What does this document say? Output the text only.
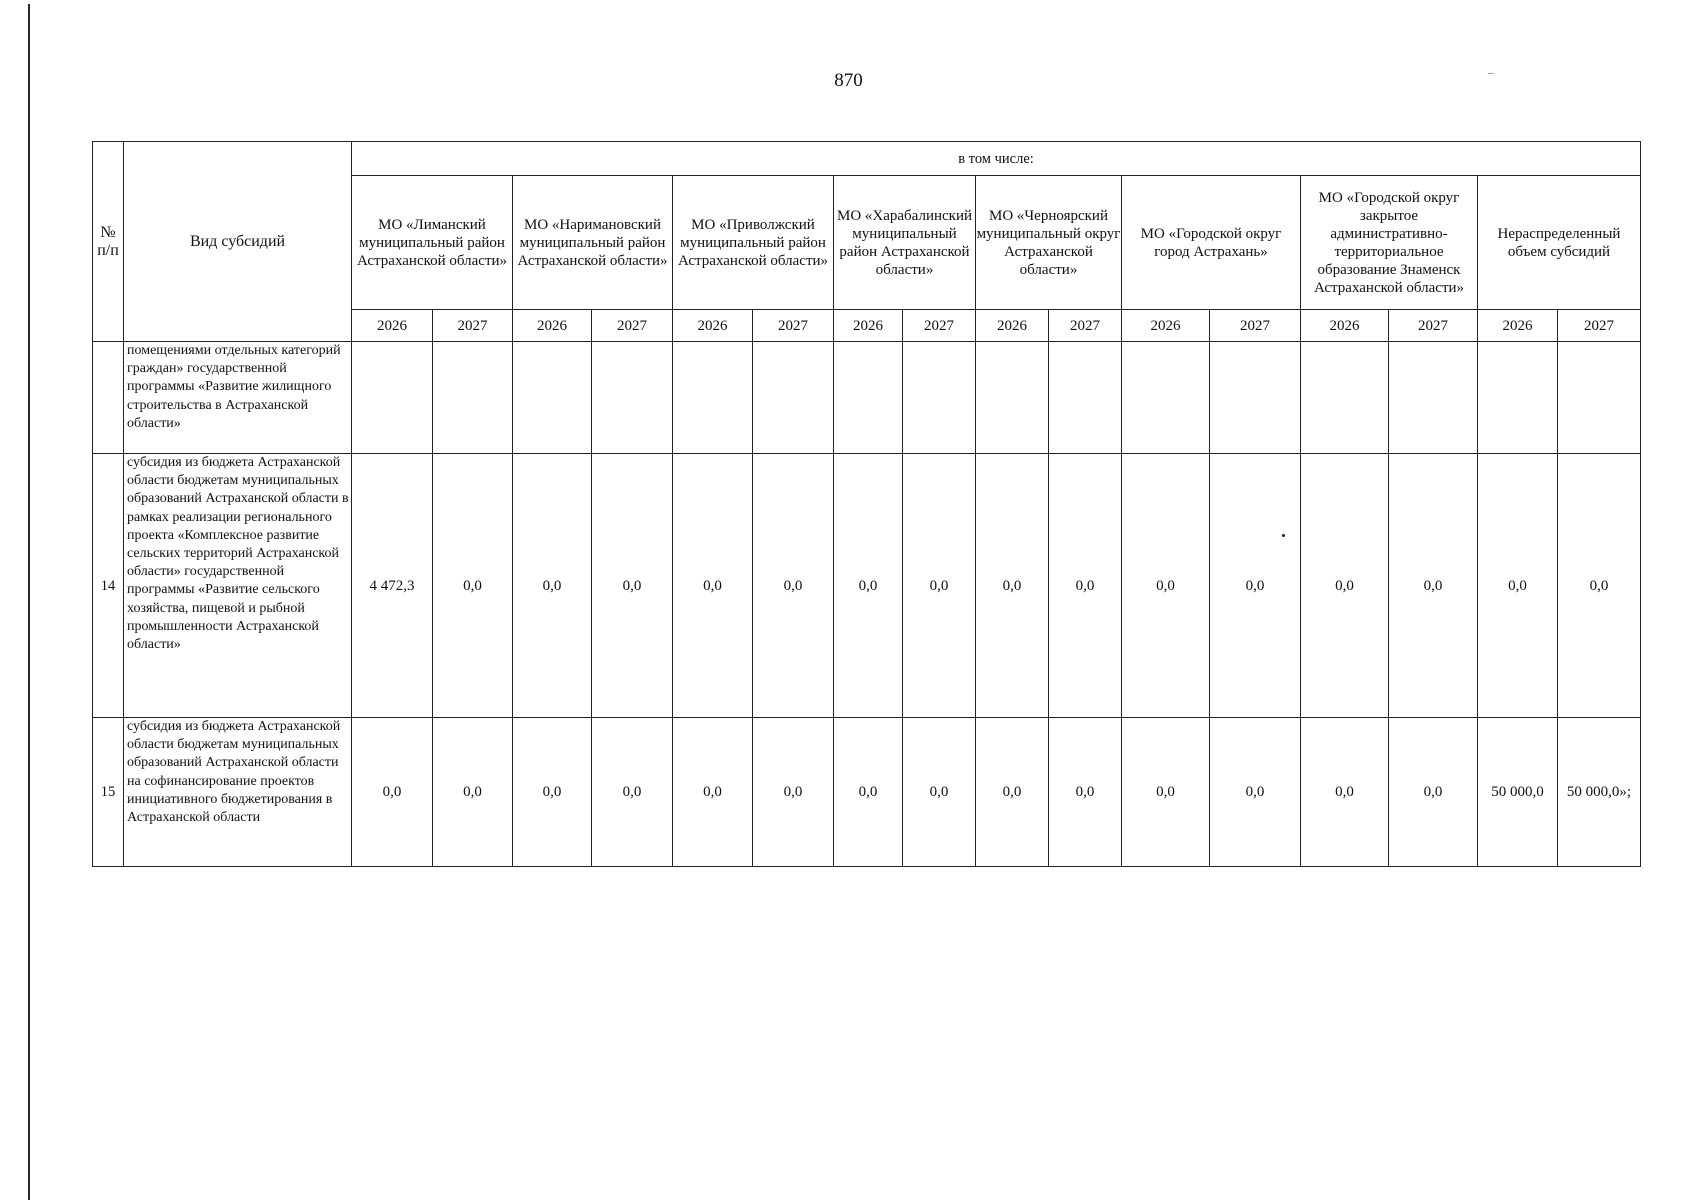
870
№ п/п	Вид субсидий	в том числе:															
		МО «Лиманский муниципальный район Астраханской области»		МО «Наримановский муниципальный район Астраханской области»		МО «Приволжский муниципальный район Астраханской области»		МО «Харабалинский муниципальный район Астраханской области»		МО «Черноярский муниципальный округ Астраханской области»		МО «Городской округ город Астрахань»		МО «Городской округ закрытое административно-территориальное образование Знаменск Астраханской области»		Нераспределенный объем субсидий	
		2026	2027	2026	2027	2026	2027	2026	2027	2026	2027	2026	2027	2026	2027	2026	2027
	помещениями отдельных категорий граждан» государственной программы «Развитие жилищного строительства в Астраханской области»																
14	субсидия из бюджета Астраханской области бюджетам муниципальных образований Астраханской области в рамках реализации регионального проекта «Комплексное развитие сельских территорий Астраханской области» государственной программы «Развитие сельского хозяйства, пищевой и рыбной промышленности Астраханской области»	4 472,3	0,0	0,0	0,0	0,0	0,0	0,0	0,0	0,0	0,0	0,0	0,0	0,0	0,0	0,0	0,0
15	субсидия из бюджета Астраханской области бюджетам муниципальных образований Астраханской области на софинансирование проектов инициативного бюджетирования в Астраханской области	0,0	0,0	0,0	0,0	0,0	0,0	0,0	0,0	0,0	0,0	0,0	0,0	0,0	0,0	50 000,0	50 000,0»;
